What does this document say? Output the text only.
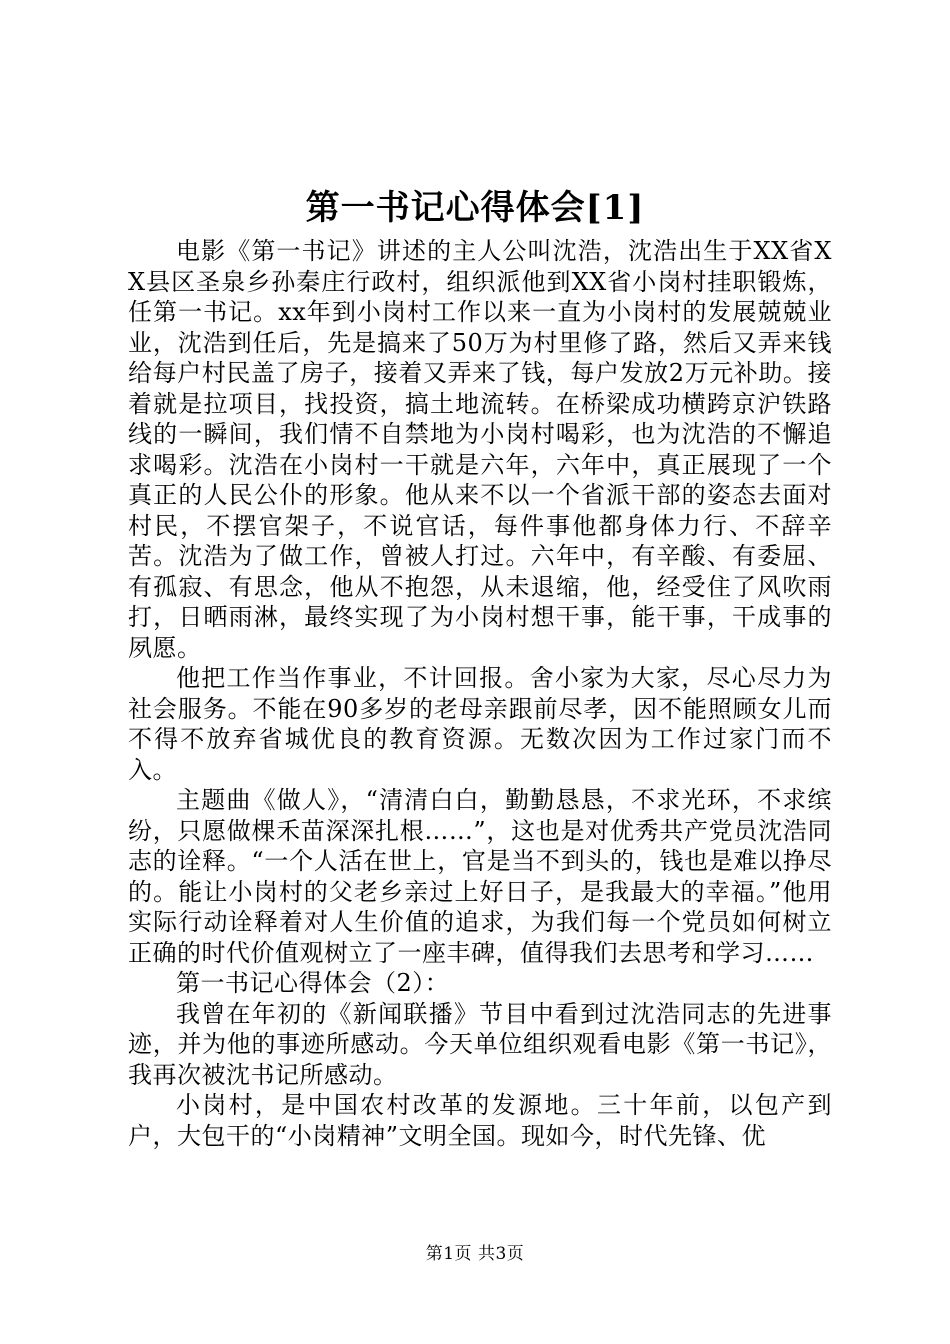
第一书记心得体会[1]

电影《第一书记》讲述的主人公叫沈浩，沈浩出生于XX省XX县区圣泉乡孙秦庄行政村，组织派他到XX省小岗村挂职锻炼，任第一书记。xx年到小岗村工作以来一直为小岗村的发展兢兢业业，沈浩到任后，先是搞来了50万为村里修了路，然后又弄来钱给每户村民盖了房子，接着又弄来了钱，每户发放2万元补助。接着就是拉项目，找投资，搞土地流转。在桥梁成功横跨京沪铁路线的一瞬间，我们情不自禁地为小岗村喝彩，也为沈浩的不懈追求喝彩。沈浩在小岗村一干就是六年，六年中，真正展现了一个真正的人民公仆的形象。他从来不以一个省派干部的姿态去面对村民，不摆官架子，不说官话，每件事他都身体力行、不辞辛苦。沈浩为了做工作，曾被人打过。六年中，有辛酸、有委屈、有孤寂、有思念，他从不抱怨，从未退缩，他，经受住了风吹雨打，日晒雨淋，最终实现了为小岗村想干事，能干事，干成事的夙愿。

他把工作当作事业，不计回报。舍小家为大家，尽心尽力为社会服务。不能在90多岁的老母亲跟前尽孝，因不能照顾女儿而不得不放弃省城优良的教育资源。无数次因为工作过家门而不入。

主题曲《做人》，“清清白白，勤勤恳恳，不求光环，不求缤纷，只愿做棵禾苗深深扎根……”，这也是对优秀共产党员沈浩同志的诠释。“一个人活在世上，官是当不到头的，钱也是难以挣尽的。能让小岗村的父老乡亲过上好日子，是我最大的幸福。”他用实际行动诠释着对人生价值的追求，为我们每一个党员如何树立正确的时代价值观树立了一座丰碑，值得我们去思考和学习……

第一书记心得体会（2）：

我曾在年初的《新闻联播》节目中看到过沈浩同志的先进事迹，并为他的事迹所感动。今天单位组织观看电影《第一书记》，我再次被沈书记所感动。

小岗村，是中国农村改革的发源地。三十年前，以包产到户，大包干的“小岗精神”文明全国。现如今，时代先锋、优

第1页 共3页
